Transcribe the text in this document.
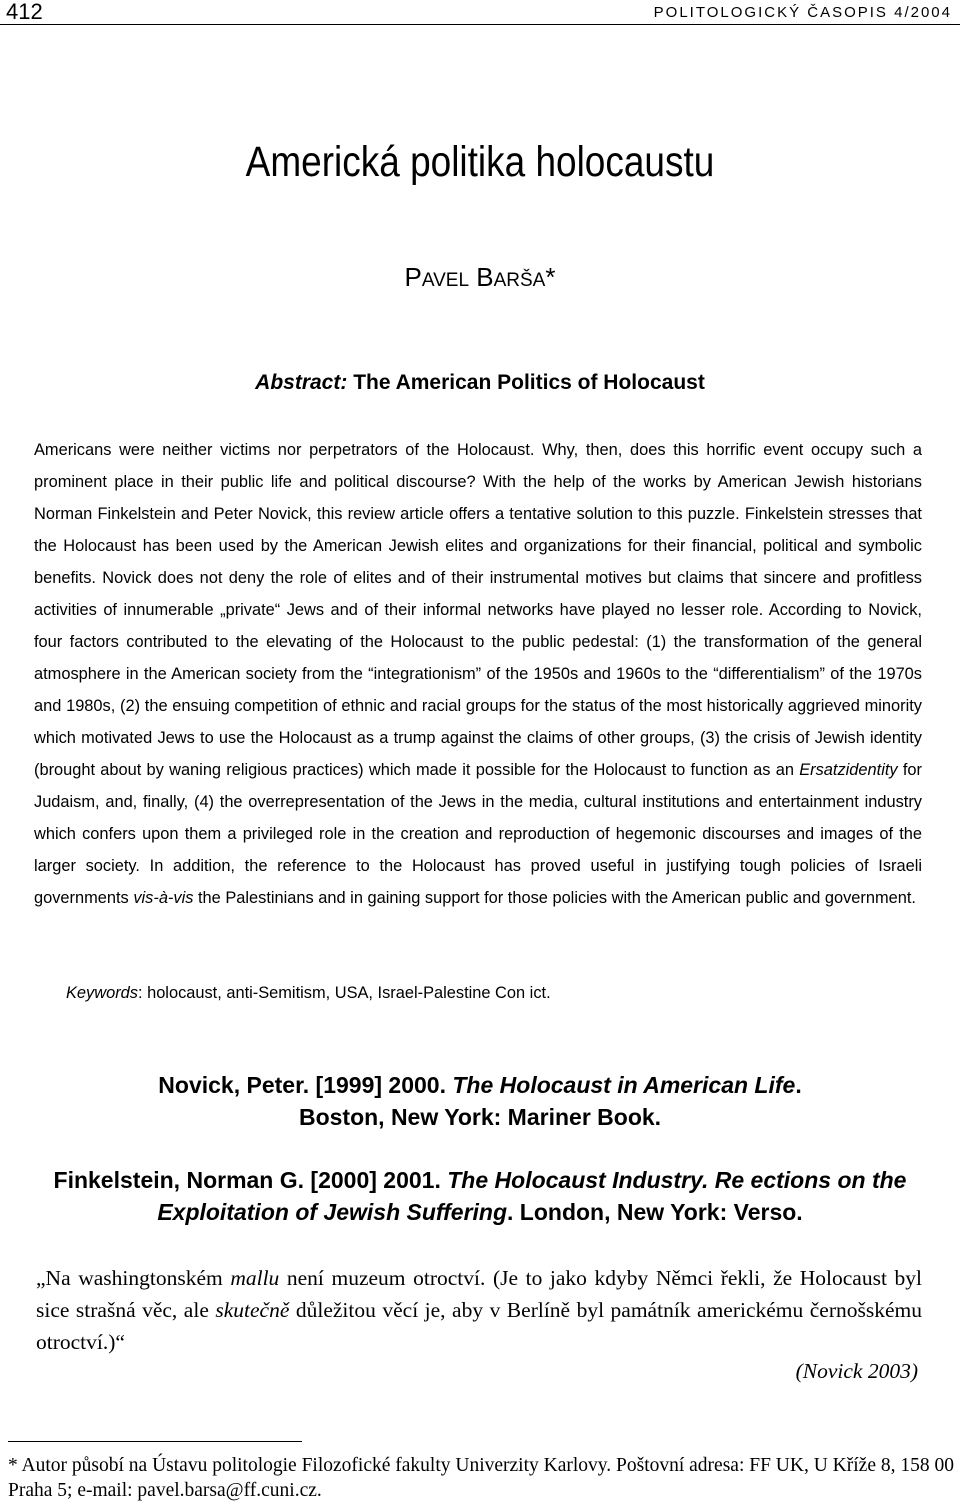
412	POLITOLOGICKÝ ČASOPIS 4/2004
Americká politika holocaustu
PAVEL BARŠA*
Abstract: The American Politics of Holocaust

Americans were neither victims nor perpetrators of the Holocaust. Why, then, does this horrific event occupy such a prominent place in their public life and political discourse? With the help of the works by American Jewish historians Norman Finkelstein and Peter Novick, this review article offers a tentative solution to this puzzle. Finkelstein stresses that the Holocaust has been used by the American Jewish elites and organizations for their financial, political and symbolic benefits. Novick does not deny the role of elites and of their instrumental motives but claims that sincere and profitless activities of innumerable „private“ Jews and of their informal networks have played no lesser role. According to Novick, four factors contributed to the elevating of the Holocaust to the public pedestal: (1) the transformation of the general atmosphere in the American society from the “integrationism” of the 1950s and 1960s to the “differentialism” of the 1970s and 1980s, (2) the ensuing competition of ethnic and racial groups for the status of the most historically aggrieved minority which motivated Jews to use the Holocaust as a trump against the claims of other groups, (3) the crisis of Jewish identity (brought about by waning religious practices) which made it possible for the Holocaust to function as an Ersatzidentity for Judaism, and, finally, (4) the overrepresentation of the Jews in the media, cultural institutions and entertainment industry which confers upon them a privileged role in the creation and reproduction of hegemonic discourses and images of the larger society. In addition, the reference to the Holocaust has proved useful in justifying tough policies of Israeli governments vis-à-vis the Palestinians and in gaining support for those policies with the American public and government.

Keywords: holocaust, anti-Semitism, USA, Israel-Palestine Con ict.
Novick, Peter. [1999] 2000. The Holocaust in American Life.
Boston, New York: Mariner Book.
Finkelstein, Norman G. [2000] 2001. The Holocaust Industry. Re ections on the
Exploitation of Jewish Suffering. London, New York: Verso.
„Na washingtonském mallu není muzeum otroctví. (Je to jako kdyby Němci řekli, že Holocaust byl sice strašná věc, ale skutečně důležitou věcí je, aby v Berlíně byl památník americkému černošskému otroctví.)“
(Novick 2003)
* Autor působí na Ústavu politologie Filozofické fakulty Univerzity Karlovy. Poštovní adresa: FF UK, U Kříže 8, 158 00 Praha 5; e-mail: pavel.barsa@ff.cuni.cz.
